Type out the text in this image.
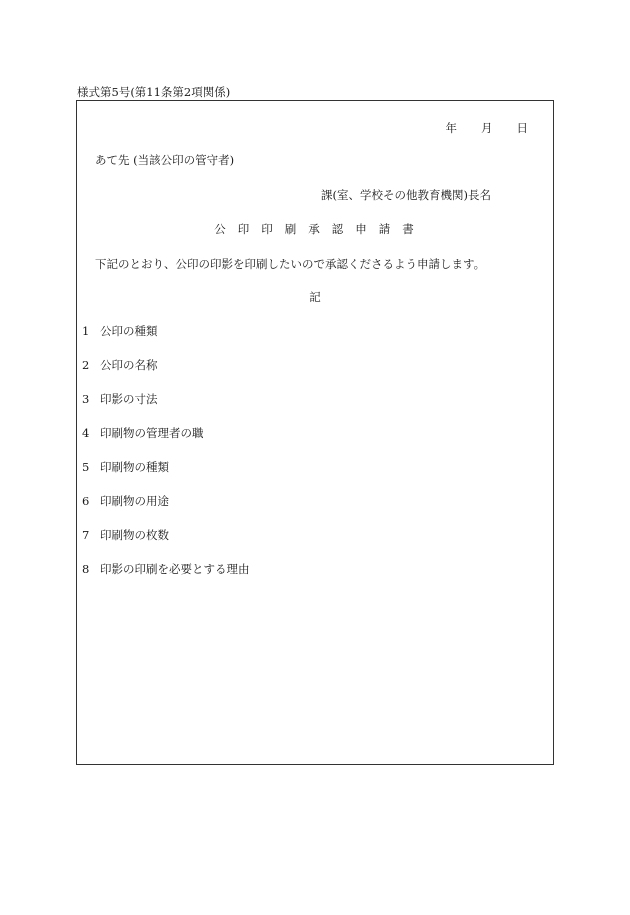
様式第5号(第11条第2項関係)
年 月 日
あて先 (当該公印の管守者)
課(室、学校その他教育機関)長名
公印印刷承認申請書
下記のとおり、公印の印影を印刷したいので承認くださるよう申請します。
記
1 公印の種類
2 公印の名称
3 印影の寸法
4 印刷物の管理者の職
5 印刷物の種類
6 印刷物の用途
7 印刷物の枚数
8 印影の印刷を必要とする理由
